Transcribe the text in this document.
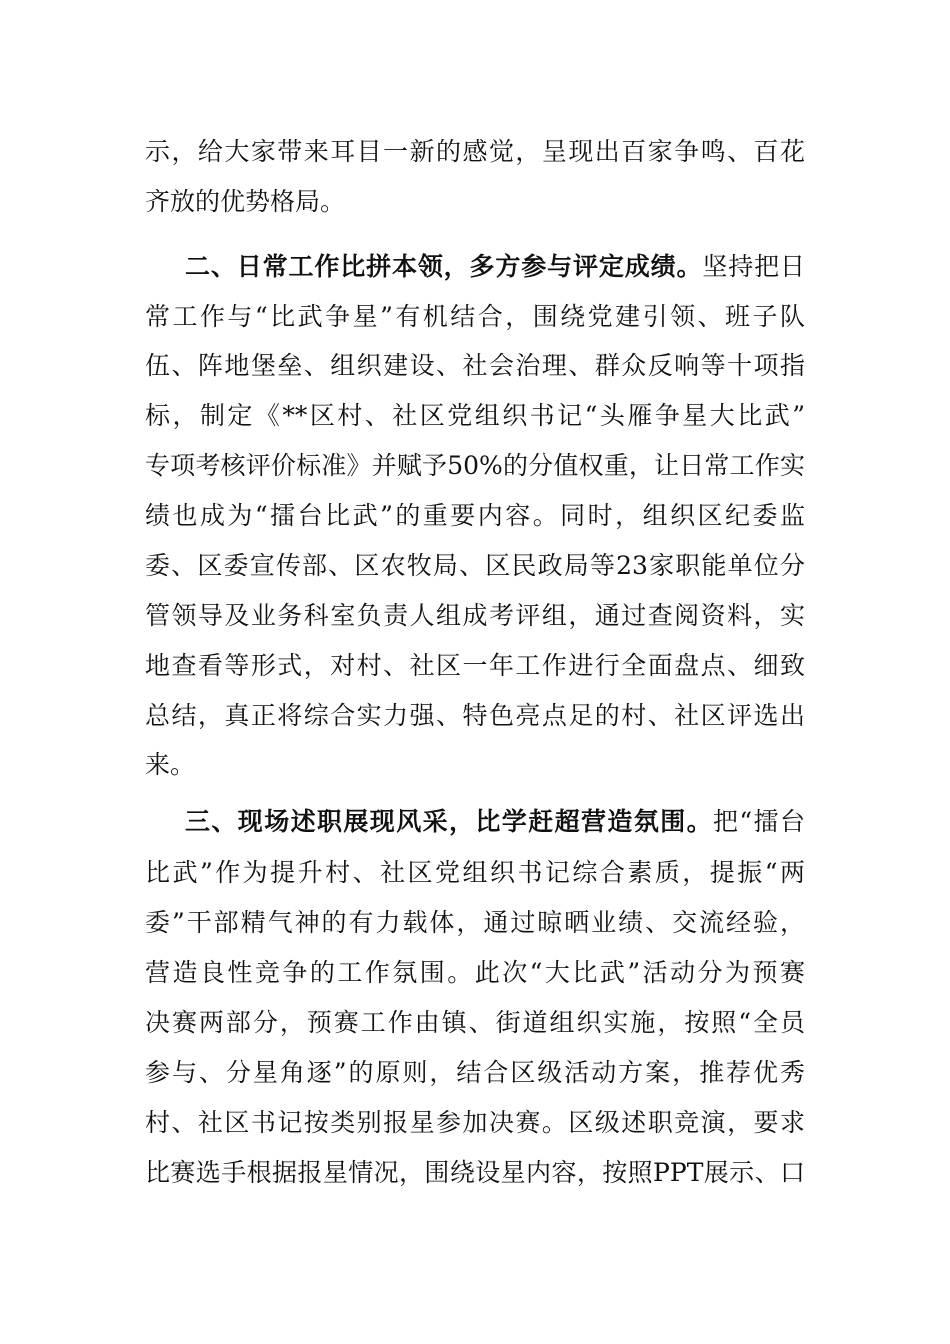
示，给大家带来耳目一新的感觉，呈现出百家争鸣、百花
齐放的优势格局。
二、日常工作比拼本领，多方参与评定成绩。坚持把日
常工作与“比武争星”有机结合，围绕党建引领、班子队
伍、阵地堡垒、组织建设、社会治理、群众反响等十项指
标，制定《**区村、社区党组织书记“头雁争星大比武”
专项考核评价标准》并赋予50%的分值权重，让日常工作实
绩也成为“擂台比武”的重要内容。同时，组织区纪委监
委、区委宣传部、区农牧局、区民政局等23家职能单位分
管领导及业务科室负责人组成考评组，通过查阅资料，实
地查看等形式，对村、社区一年工作进行全面盘点、细致
总结，真正将综合实力强、特色亮点足的村、社区评选出
来。
三、现场述职展现风采，比学赶超营造氛围。把“擂台
比武”作为提升村、社区党组织书记综合素质，提振“两
委”干部精气神的有力载体，通过晾晒业绩、交流经验，
营造良性竞争的工作氛围。此次“大比武”活动分为预赛
决赛两部分，预赛工作由镇、街道组织实施，按照“全员
参与、分星角逐”的原则，结合区级活动方案，推荐优秀
村、社区书记按类别报星参加决赛。区级述职竞演，要求
比赛选手根据报星情况，围绕设星内容，按照PPT展示、口
